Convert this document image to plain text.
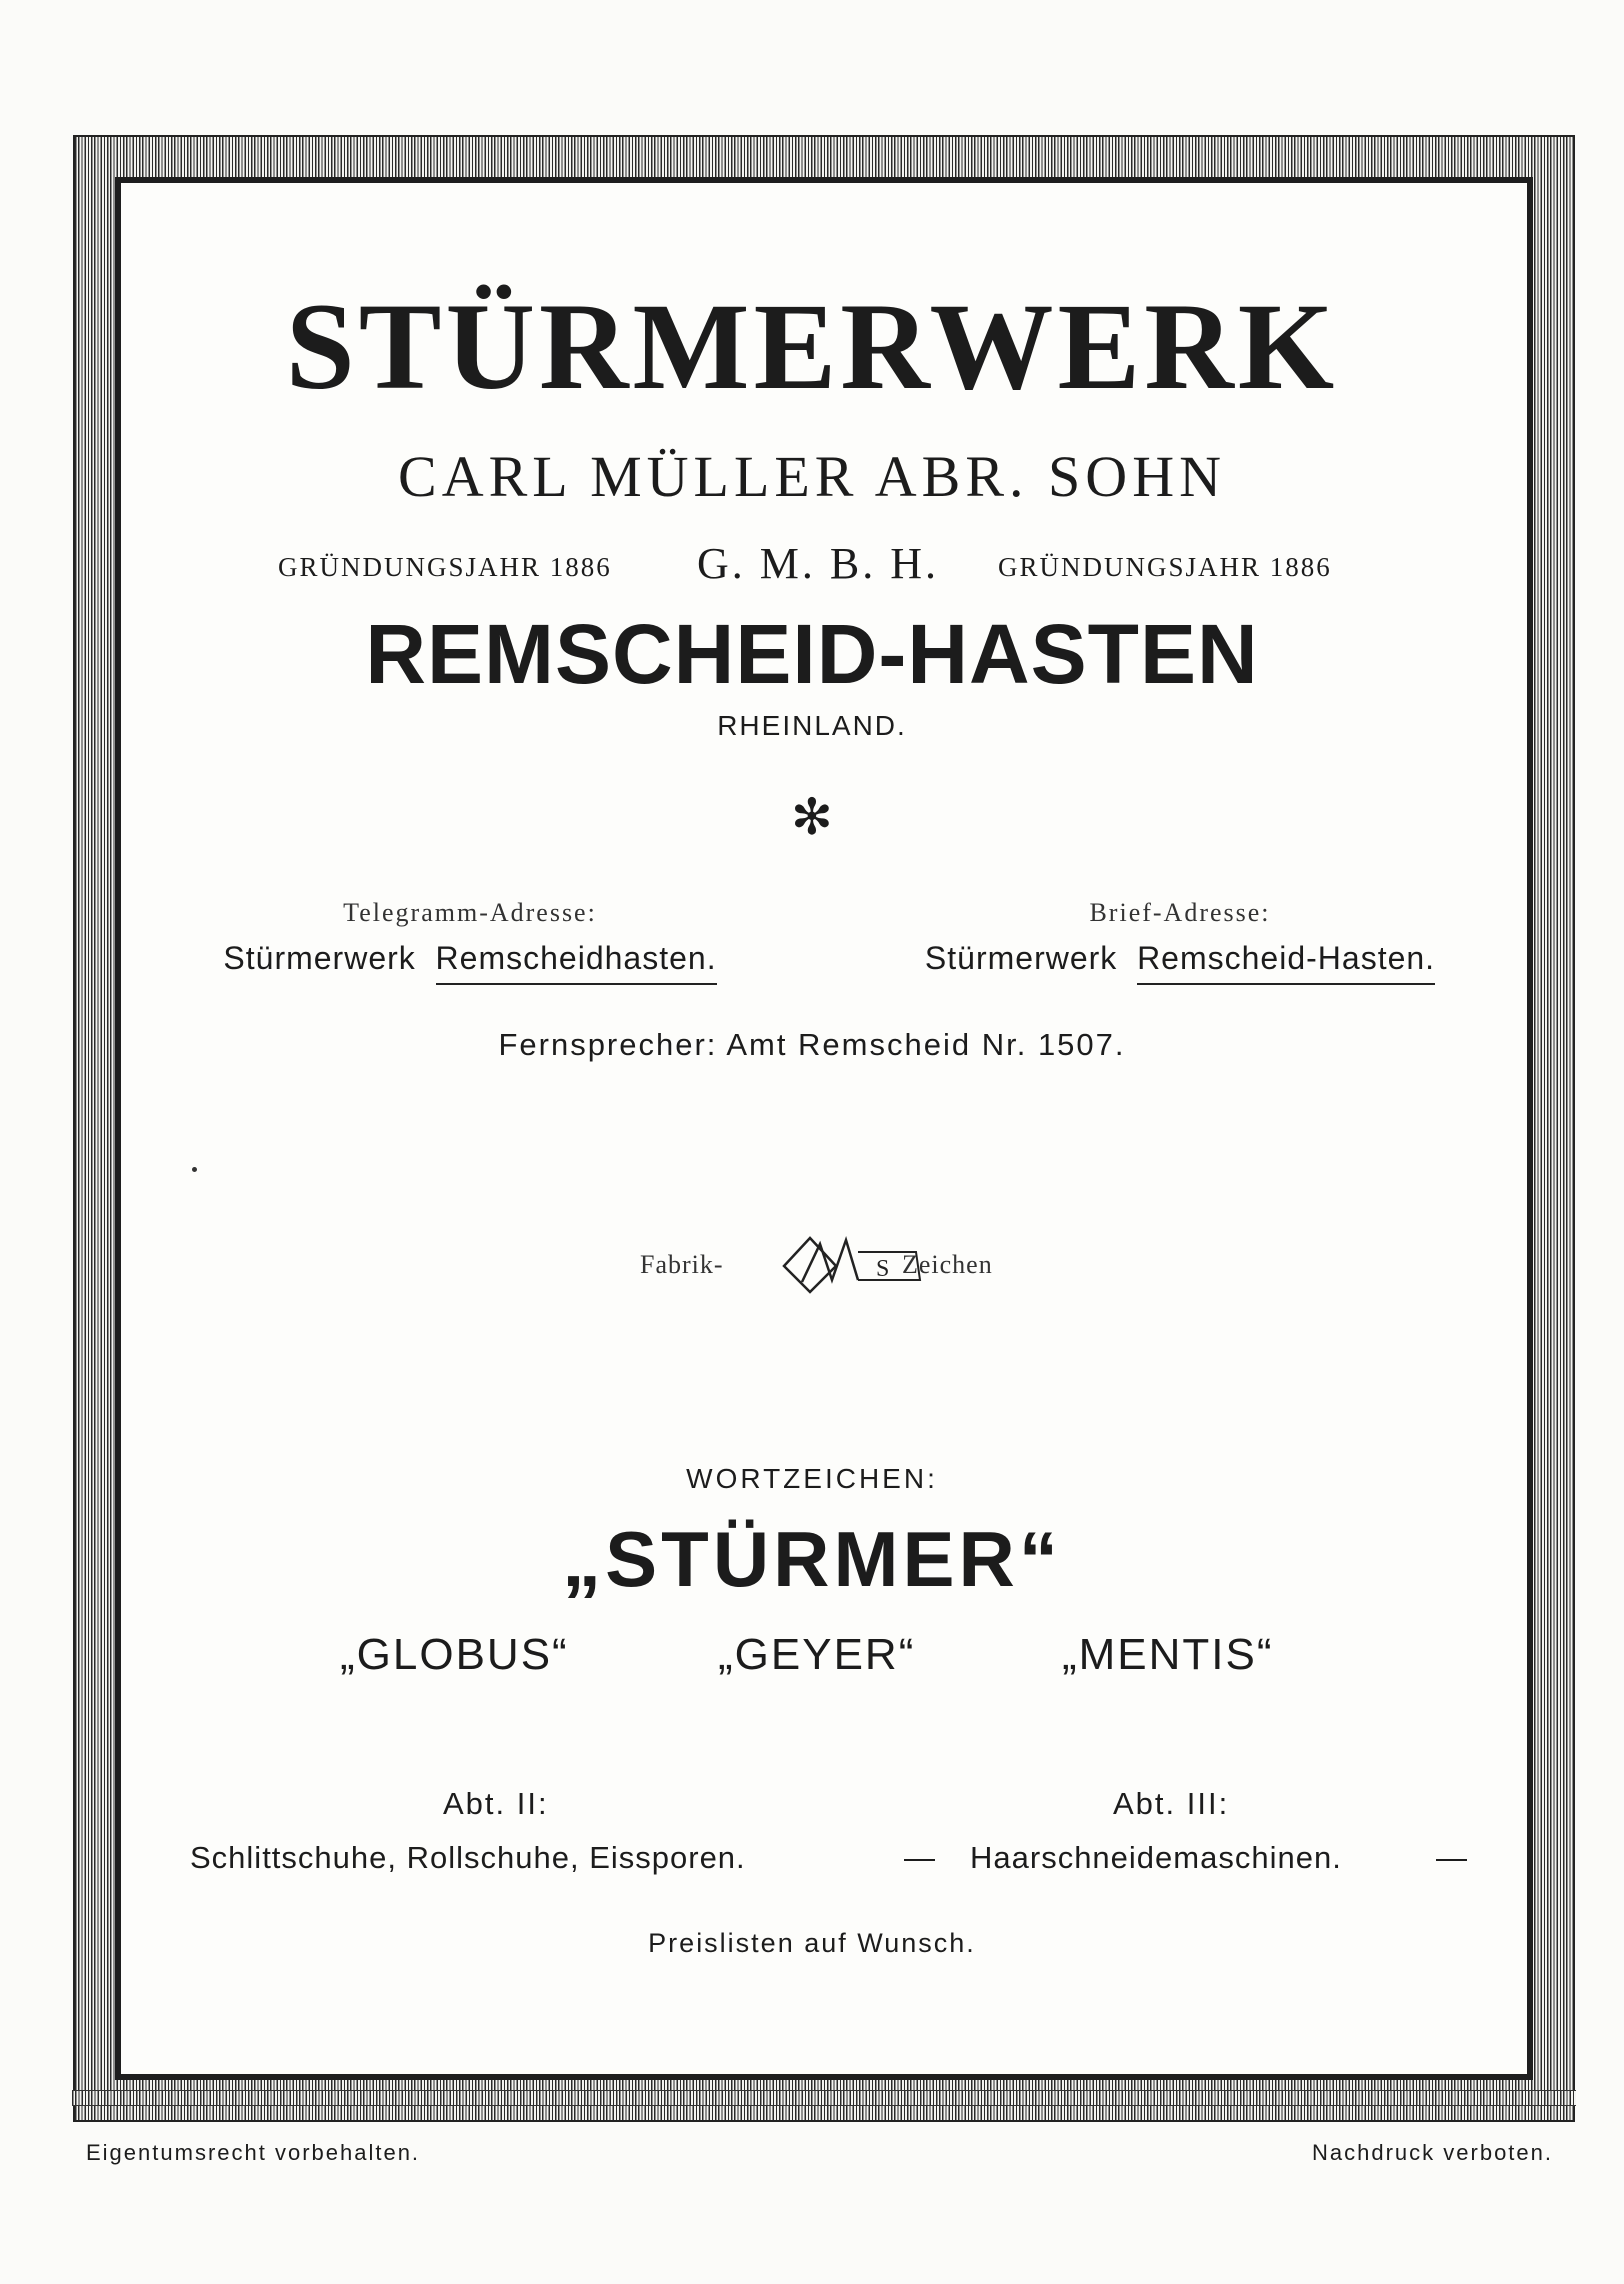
STÜRMERWERK
CARL MÜLLER ABR. SOHN
GRÜNDUNGSJAHR 1886 G. M. B. H. GRÜNDUNGSJAHR 1886
REMSCHEID-HASTEN
RHEINLAND.
✻
Telegramm-Adresse:
Stürmerwerk Remscheidhasten.
Brief-Adresse:
Stürmerwerk Remscheid-Hasten.
Fernsprecher: Amt Remscheid Nr. 1507.
Fabrik-	S Zeichen
WORTZEICHEN:
„STÜRMER“
„GLOBUS“	„GEYER“	„MENTIS“
Abt. II:	Abt. III:
Schlittschuhe, Rollschuhe, Eissporen.	— Haarschneidemaschinen.	—
Preislisten auf Wunsch.
Eigentumsrecht vorbehalten.	Nachdruck verboten.
